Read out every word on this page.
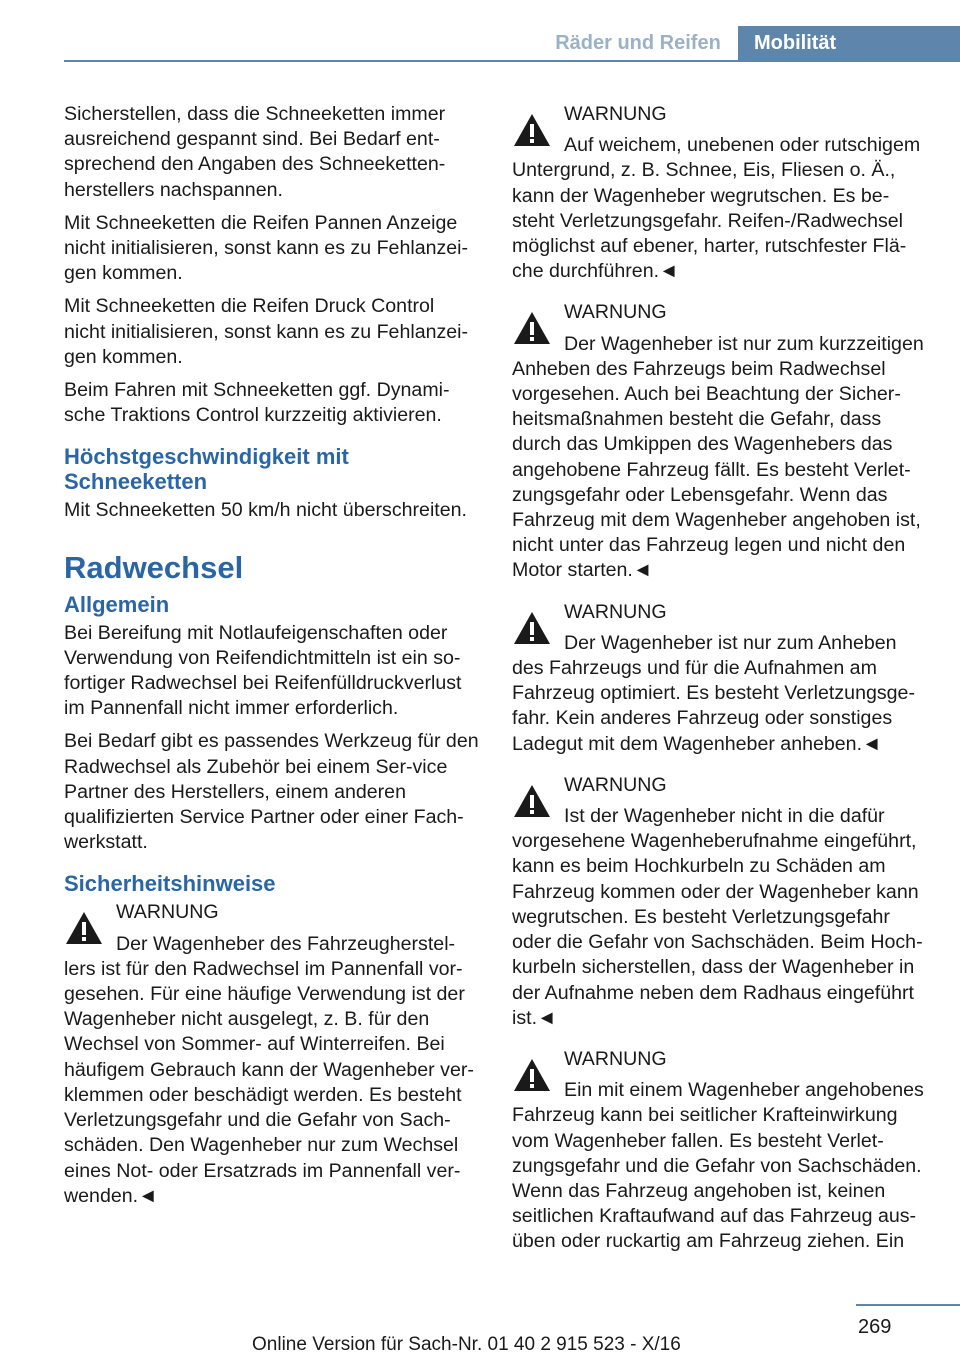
Räder und Reifen	Mobilität

Sicherstellen, dass die Schneeketten immer ausreichend gespannt sind. Bei Bedarf ent‐sprechend den Angaben des Schneeketten‐herstellers nachspannen.

Mit Schneeketten die Reifen Pannen Anzeige nicht initialisieren, sonst kann es zu Fehlanzei‐gen kommen.

Mit Schneeketten die Reifen Druck Control nicht initialisieren, sonst kann es zu Fehlanzei‐gen kommen.

Beim Fahren mit Schneeketten ggf. Dynami‐sche Traktions Control kurzzeitig aktivieren.

Höchstgeschwindigkeit mit Schneeketten

Mit Schneeketten 50 km/h nicht überschreiten.

Radwechsel
Allgemein

Bei Bereifung mit Notlaufeigenschaften oder Verwendung von Reifendichtmitteln ist ein so‐fortiger Radwechsel bei Reifenfülldruckverlust im Pannenfall nicht immer erforderlich.

Bei Bedarf gibt es passendes Werkzeug für den Radwechsel als Zubehör bei einem Ser‐vice Partner des Herstellers, einem anderen qualifizierten Service Partner oder einer Fach‐werkstatt.

Sicherheitshinweise
WARNUNG
Der Wagenheber des Fahrzeugherstel‐
lers ist für den Radwechsel im Pannenfall vor‐gesehen. Für eine häufige Verwendung ist der Wagenheber nicht ausgelegt, z. B. für den Wechsel von Sommer- auf Winterreifen. Bei häufigem Gebrauch kann der Wagenheber ver‐klemmen oder beschädigt werden. Es besteht Verletzungsgefahr und die Gefahr von Sach‐schäden. Den Wagenheber nur zum Wechsel eines Not- oder Ersatzrads im Pannenfall ver‐wenden.◄
WARNUNG
Auf weichem, unebenen oder rutschigem
Untergrund, z. B. Schnee, Eis, Fliesen o. Ä., kann der Wagenheber wegrutschen. Es be‐steht Verletzungsgefahr. Reifen-/Radwechsel möglichst auf ebener, harter, rutschfester Flä‐che durchführen.◄
WARNUNG
Der Wagenheber ist nur zum kurzzeitigen
Anheben des Fahrzeugs beim Radwechsel vorgesehen. Auch bei Beachtung der Sicher‐heitsmaßnahmen besteht die Gefahr, dass durch das Umkippen des Wagenhebers das angehobene Fahrzeug fällt. Es besteht Verlet‐zungsgefahr oder Lebensgefahr. Wenn das Fahrzeug mit dem Wagenheber angehoben ist, nicht unter das Fahrzeug legen und nicht den Motor starten.◄
WARNUNG
Der Wagenheber ist nur zum Anheben
des Fahrzeugs und für die Aufnahmen am Fahrzeug optimiert. Es besteht Verletzungsge‐fahr. Kein anderes Fahrzeug oder sonstiges Ladegut mit dem Wagenheber anheben.◄
WARNUNG
Ist der Wagenheber nicht in die dafür
vorgesehene Wagenheberufnahme eingeführt, kann es beim Hochkurbeln zu Schäden am Fahrzeug kommen oder der Wagenheber kann wegrutschen. Es besteht Verletzungsgefahr oder die Gefahr von Sachschäden. Beim Hoch‐kurbeln sicherstellen, dass der Wagenheber in der Aufnahme neben dem Radhaus eingeführt ist.◄
WARNUNG
Ein mit einem Wagenheber angehobenes
Fahrzeug kann bei seitlicher Krafteinwirkung vom Wagenheber fallen. Es besteht Verlet‐zungsgefahr und die Gefahr von Sachschäden. Wenn das Fahrzeug angehoben ist, keinen seitlichen Kraftaufwand auf das Fahrzeug aus‐üben oder ruckartig am Fahrzeug ziehen. Ein
269
Online Version für Sach-Nr. 01 40 2 915 523 - X/16
